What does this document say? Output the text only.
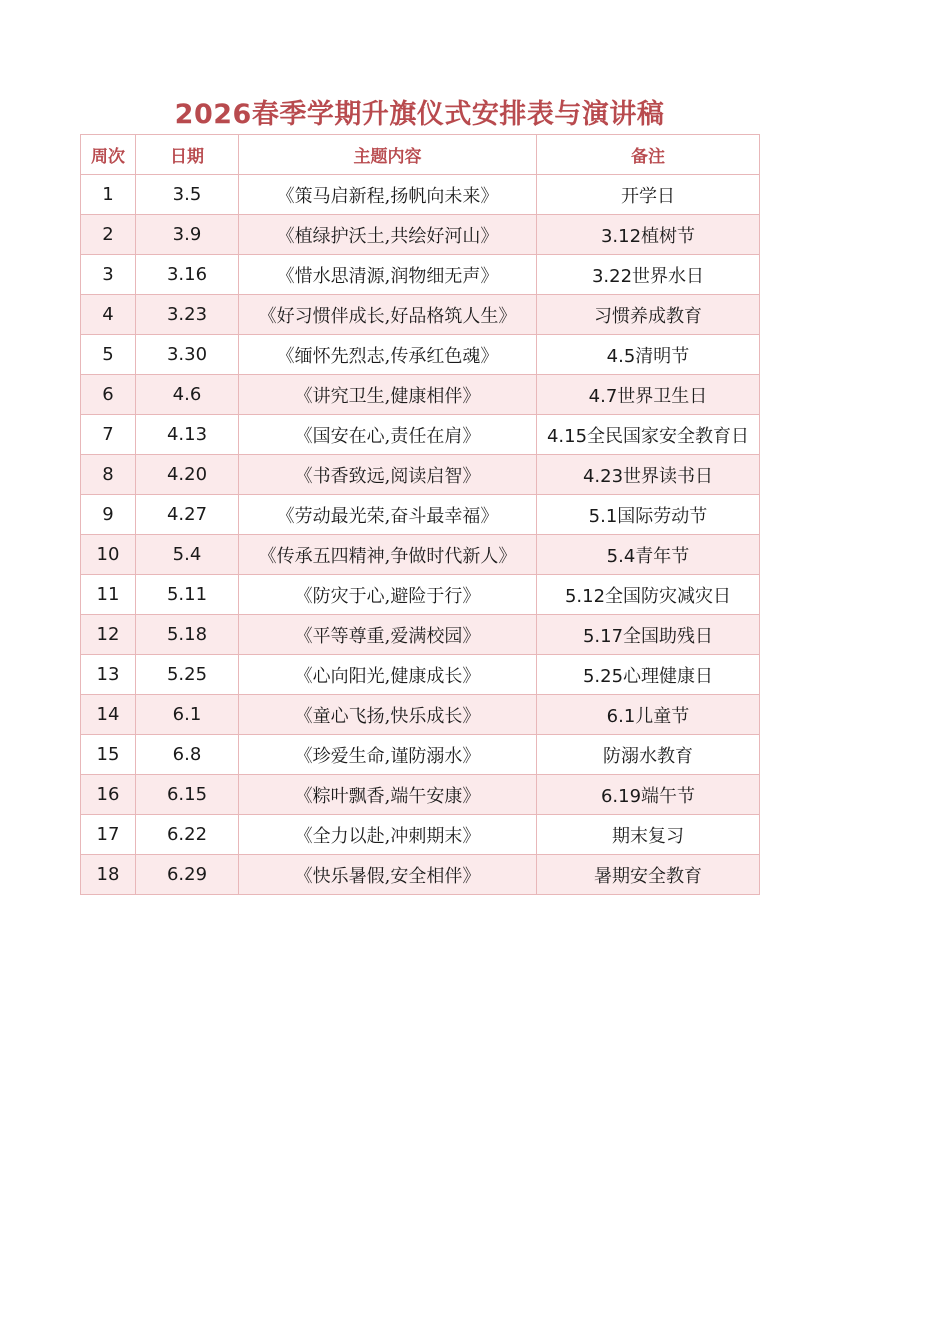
2026春季学期升旗仪式安排表与演讲稿
周次	日期	主题内容	备注
1	3.5	《策马启新程,扬帆向未来》	开学日
2	3.9	《植绿护沃土,共绘好河山》	3.12植树节
3	3.16	《惜水思清源,润物细无声》	3.22世界水日
4	3.23	《好习惯伴成长,好品格筑人生》	习惯养成教育
5	3.30	《缅怀先烈志,传承红色魂》	4.5清明节
6	4.6	《讲究卫生,健康相伴》	4.7世界卫生日
7	4.13	《国安在心,责任在肩》	4.15全民国家安全教育日
8	4.20	《书香致远,阅读启智》	4.23世界读书日
9	4.27	《劳动最光荣,奋斗最幸福》	5.1国际劳动节
10	5.4	《传承五四精神,争做时代新人》	5.4青年节
11	5.11	《防灾于心,避险于行》	5.12全国防灾减灾日
12	5.18	《平等尊重,爱满校园》	5.17全国助残日
13	5.25	《心向阳光,健康成长》	5.25心理健康日
14	6.1	《童心飞扬,快乐成长》	6.1儿童节
15	6.8	《珍爱生命,谨防溺水》	防溺水教育
16	6.15	《粽叶飘香,端午安康》	6.19端午节
17	6.22	《全力以赴,冲刺期末》	期末复习
18	6.29	《快乐暑假,安全相伴》	暑期安全教育
